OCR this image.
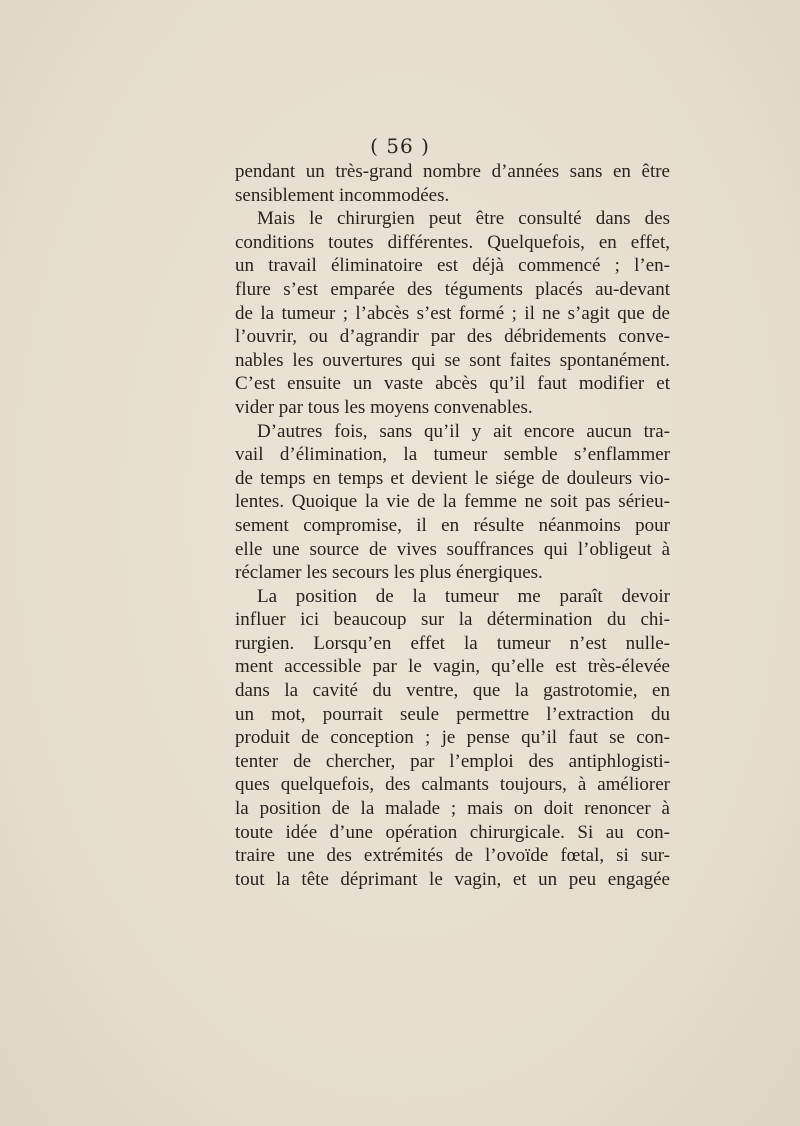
( 56 )
pendant un très-grand nombre d’années sans en être
sensiblement incommodées.
Mais le chirurgien peut être consulté dans des
conditions toutes différentes. Quelquefois, en effet,
un travail éliminatoire est déjà commencé ; l’en-
flure s’est emparée des téguments placés au-devant
de la tumeur ; l’abcès s’est formé ; il ne s’agit que de
l’ouvrir, ou d’agrandir par des débridements conve-
nables les ouvertures qui se sont faites spontanément.
C’est ensuite un vaste abcès qu’il faut modifier et
vider par tous les moyens convenables.
D’autres fois, sans qu’il y ait encore aucun tra-
vail d’élimination, la tumeur semble s’enflammer
de temps en temps et devient le siége de douleurs vio-
lentes. Quoique la vie de la femme ne soit pas sérieu-
sement compromise, il en résulte néanmoins pour
elle une source de vives souffrances qui l’obligeut à
réclamer les secours les plus énergiques.
La position de la tumeur me paraît devoir
influer ici beaucoup sur la détermination du chi-
rurgien. Lorsqu’en effet la tumeur n’est nulle-
ment accessible par le vagin, qu’elle est très-élevée
dans la cavité du ventre, que la gastrotomie, en
un mot, pourrait seule permettre l’extraction du
produit de conception ; je pense qu’il faut se con-
tenter de chercher, par l’emploi des antiphlogisti-
ques quelquefois, des calmants toujours, à améliorer
la position de la malade ; mais on doit renoncer à
toute idée d’une opération chirurgicale. Si au con-
traire une des extrémités de l’ovoïde fœtal, si sur-
tout la tête déprimant le vagin, et un peu engagée
